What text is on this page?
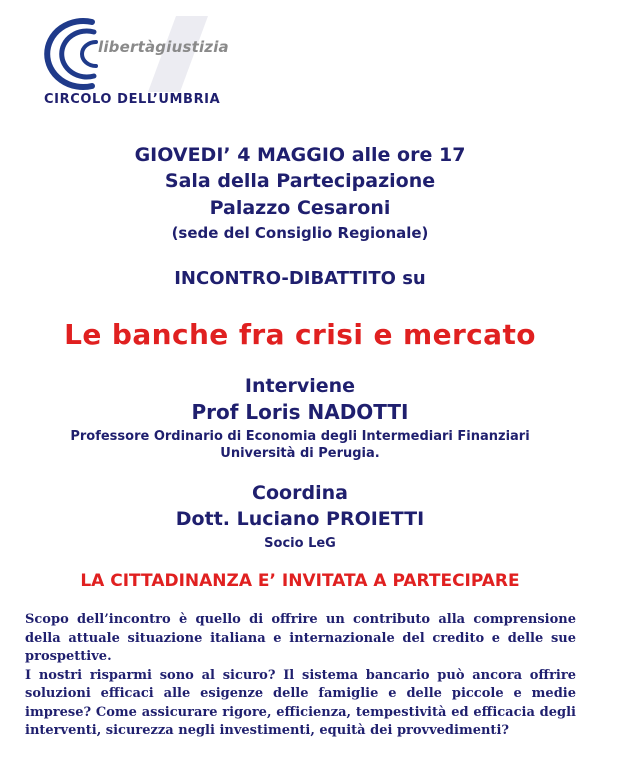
libertàgiustizia
CIRCOLO DELL’UMBRIA
GIOVEDI’ 4 MAGGIO alle ore 17
Sala della Partecipazione
Palazzo Cesaroni
(sede del Consiglio Regionale)
INCONTRO-DIBATTITO su
Le banche fra crisi e mercato
Interviene
Prof Loris NADOTTI
Professore Ordinario di Economia degli Intermediari Finanziari
Università di Perugia.
Coordina
Dott. Luciano PROIETTI
Socio LeG
LA CITTADINANZA E’ INVITATA A PARTECIPARE

Scopo dell’incontro è quello di offrire un contributo alla comprensione della attuale situazione italiana e internazionale del credito e delle sue prospettive.

I nostri risparmi sono al sicuro? Il sistema bancario può ancora offrire soluzioni efficaci alle esigenze delle famiglie e delle piccole e medie imprese? Come assicurare rigore, efficienza, tempestività ed efficacia degli interventi, sicurezza negli investimenti, equità dei provvedimenti?
